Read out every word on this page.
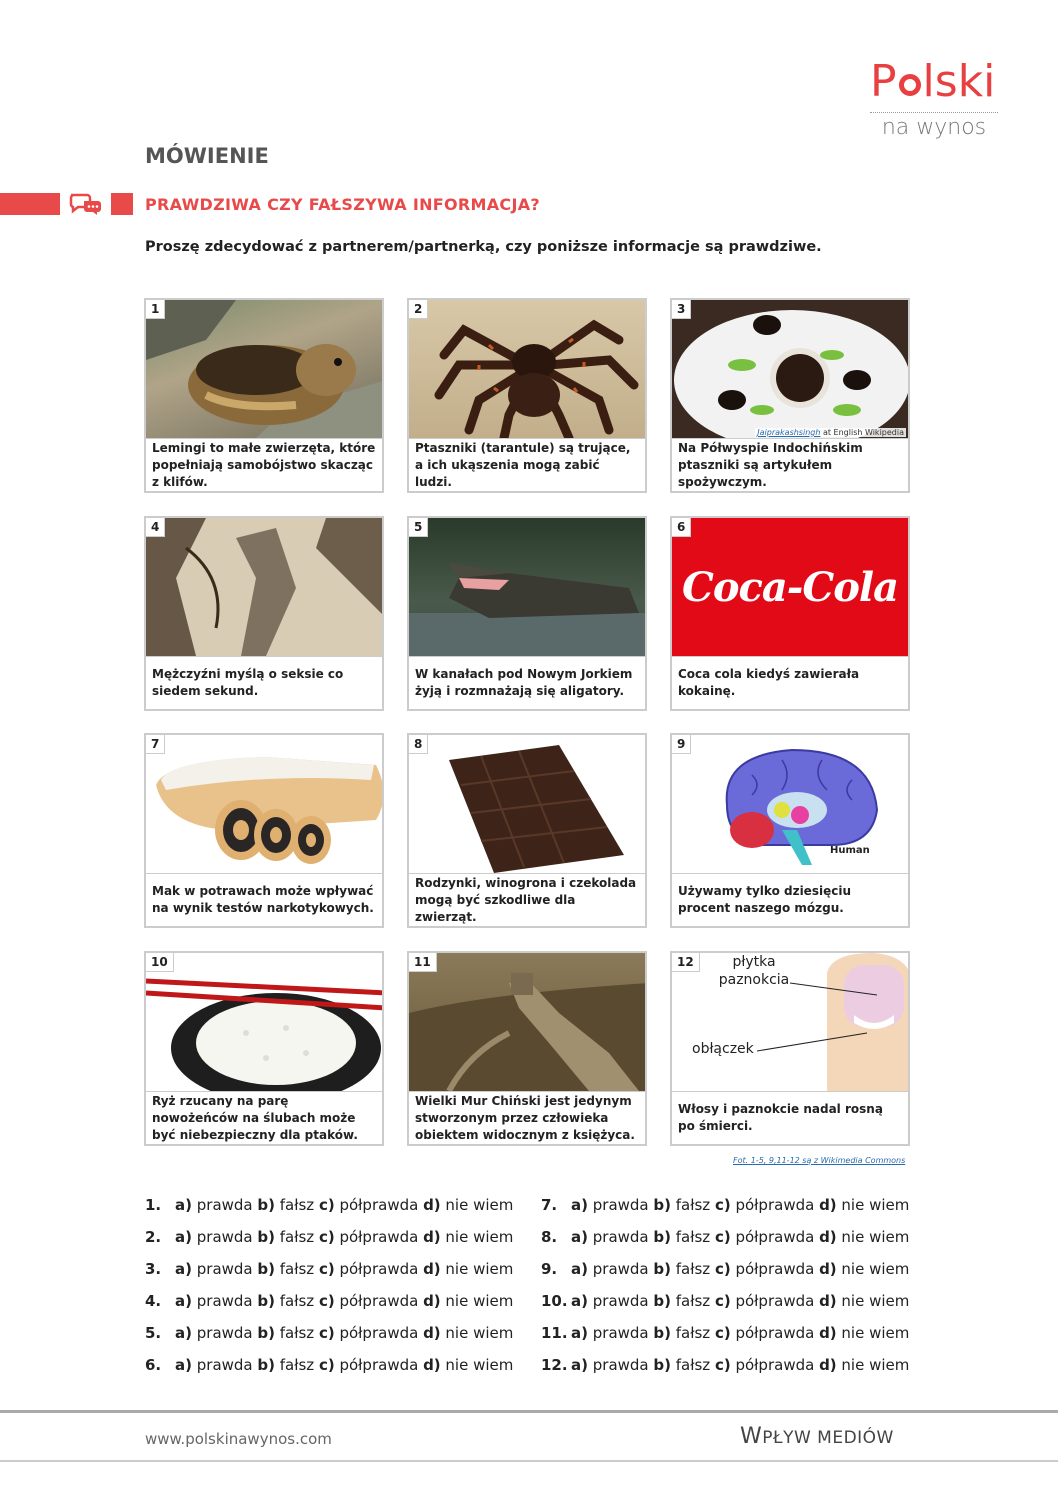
P lski
na wynos
MÓWIENIE
PRAWDZIWA CZY FAŁSZYWA INFORMACJA?
Proszę zdecydować z partnerem/partnerką, czy poniższe informacje są prawdziwe.
1
Lemingi to małe zwierzęta, które popełniają samobójstwo skacząc z klifów.
2
Ptaszniki (tarantule) są trujące, a ich ukąszenia mogą zabić ludzi.
Jaiprakashsingh at English Wikipedia
3
Na Półwyspie Indochińskim ptaszniki są artykułem spożywczym.
4
Mężczyźni myślą o seksie co siedem sekund.
5
W kanałach pod Nowym Jorkiem żyją i rozmnażają się aligatory.
Coca-Cola
6
Coca cola kiedyś zawierała kokainę.
7
Mak w potrawach może wpływać na wynik testów narkotykowych.
8
Rodzynki, winogrona i czekolada mogą być szkodliwe dla zwierząt.
Human
9
Używamy tylko dziesięciu procent naszego mózgu.
10
Ryż rzucany na parę nowożeńców na ślubach może być niebezpieczny dla ptaków.
11
Wielki Mur Chiński jest jedynym stworzonym przez człowieka obiektem widocznym z księżyca.
płytka paznokcia
obłączek
12
Włosy i paznokcie nadal rosną po śmierci.
Fot. 1-5, 9,11-12 są z Wikimedia Commons
1. a) prawda b) fałsz c) półprawda d) nie wiem
2. a) prawda b) fałsz c) półprawda d) nie wiem
3. a) prawda b) fałsz c) półprawda d) nie wiem
4. a) prawda b) fałsz c) półprawda d) nie wiem
5. a) prawda b) fałsz c) półprawda d) nie wiem
6. a) prawda b) fałsz c) półprawda d) nie wiem
7. a) prawda b) fałsz c) półprawda d) nie wiem
8. a) prawda b) fałsz c) półprawda d) nie wiem
9. a) prawda b) fałsz c) półprawda d) nie wiem
10. a) prawda b) fałsz c) półprawda d) nie wiem
11. a) prawda b) fałsz c) półprawda d) nie wiem
12. a) prawda b) fałsz c) półprawda d) nie wiem
www.polskinawynos.com	WPŁYW MEDIÓW
